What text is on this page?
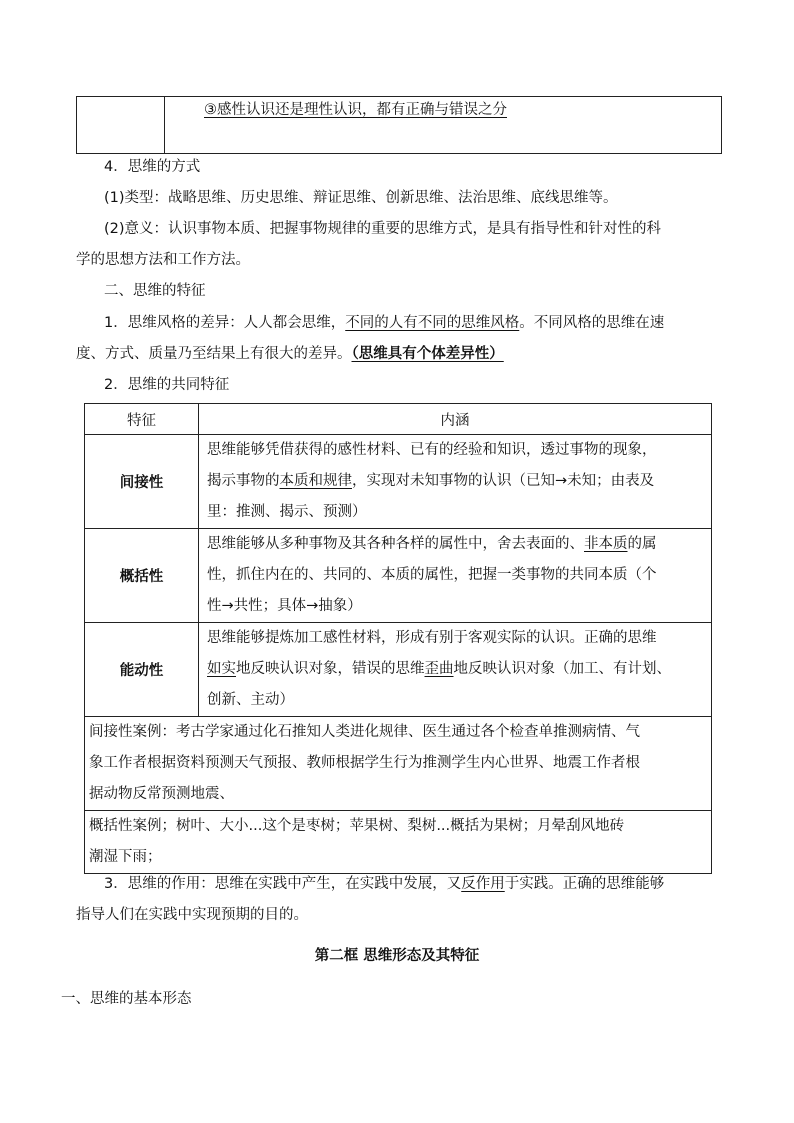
③感性认识还是理性认识，都有正确与错误之分
4．思维的方式
(1)类型：战略思维、历史思维、辩证思维、创新思维、法治思维、底线思维等。
(2)意义：认识事物本质、把握事物规律的重要的思维方式，是具有指导性和针对性的科
学的思想方法和工作方法。
二、思维的特征
1．思维风格的差异：人人都会思维，不同的人有不同的思维风格。不同风格的思维在速
度、方式、质量乃至结果上有很大的差异。（思维具有个体差异性）
2．思维的共同特征
特征	内涵
间接性	思维能够凭借获得的感性材料、已有的经验和知识，透过事物的现象，
揭示事物的本质和规律，实现对未知事物的认识（已知→未知；由表及
里：推测、揭示、预测）

概括性	思维能够从多种事物及其各种各样的属性中，舍去表面的、非本质的属
性，抓住内在的、共同的、本质的属性，把握一类事物的共同本质（个
性→共性；具体→抽象）

能动性	思维能够提炼加工感性材料，形成有别于客观实际的认识。正确的思维
如实地反映认识对象，错误的思维歪曲地反映认识对象（加工、有计划、
创新、主动）

间接性案例：考古学家通过化石推知人类进化规律、医生通过各个检查单推测病情、气
象工作者根据资料预测天气预报、教师根据学生行为推测学生内心世界、地震工作者根
据动物反常预测地震、	

概括性案例；树叶、大小...这个是枣树；苹果树、梨树...概括为果树；月晕刮风地砖
潮湿下雨；	
3．思维的作用：思维在实践中产生，在实践中发展，又反作用于实践。正确的思维能够
指导人们在实践中实现预期的目的。
第二框 思维形态及其特征
一、思维的基本形态
